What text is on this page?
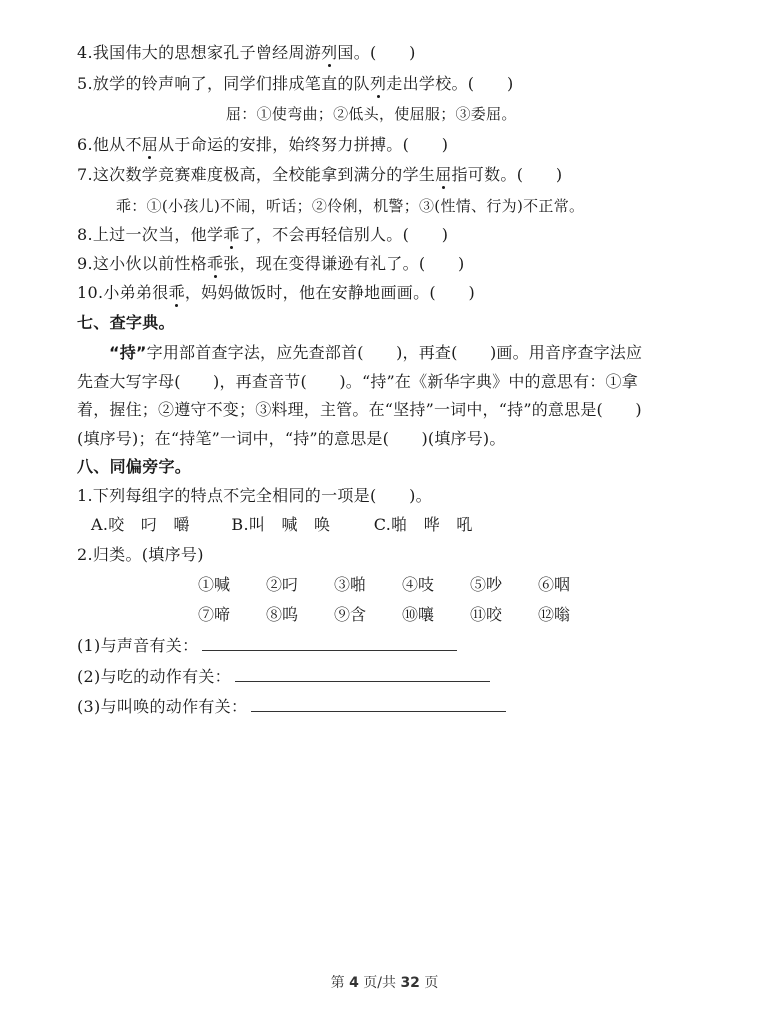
4.我国伟大的思想家孔子曾经周游列国。(　　)
5.放学的铃声响了，同学们排成笔直的队列走出学校。(　　)
屈：①使弯曲；②低头，使屈服；③委屈。
6.他从不屈从于命运的安排，始终努力拼搏。(　　)
7.这次数学竞赛难度极高，全校能拿到满分的学生屈指可数。(　　)
乖：①(小孩儿)不闹，听话；②伶俐，机警；③(性情、行为)不正常。
8.上过一次当，他学乖了，不会再轻信别人。(　　)
9.这小伙以前性格乖张，现在变得谦逊有礼了。(　　)
10.小弟弟很乖，妈妈做饭时，他在安静地画画。(　　)
七、查字典。
“持”字用部首查字法，应先查部首(　　)，再查(　　)画。用音序查字法应
先查大写字母(　　)，再查音节(　　)。“持”在《新华字典》中的意思有：①拿
着，握住；②遵守不变；③料理，主管。在“坚持”一词中，“持”的意思是(　　)
(填序号)；在“持笔”一词中，“持”的意思是(　　)(填序号)。
八、同偏旁字。
1.下列每组字的特点不完全相同的一项是(　　)。
A.咬　叼　嚼	B.叫　喊　唤	C.啪　哗　吼
2.归类。(填序号)
①喊 ②叼 ③啪 ④吱 ⑤吵 ⑥咽
⑦啼 ⑧呜 ⑨含 ⑩嚷 ⑪咬 ⑫嗡
(1)与声音有关：
(2)与吃的动作有关：
(3)与叫唤的动作有关：
第 4 页/共 32 页
